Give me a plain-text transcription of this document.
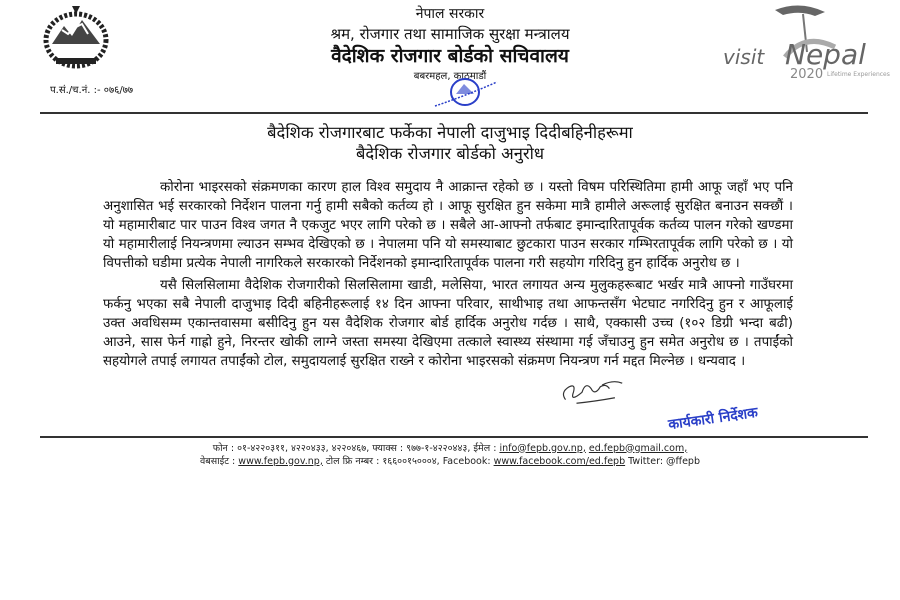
नेपाल सरकार
श्रम, रोजगार तथा सामाजिक सुरक्षा मन्त्रालय
वैदेशिक रोजगार बोर्डको सचिवालय
बबरमहल, काठमाडौं
प.सं./च.नं. :- ०७६/७७
visit Nepal
2020 Lifetime Experiences

बैदेशिक रोजगारबाट फर्केका नेपाली दाजुभाइ दिदीबहिनीहरूमा

बैदेशिक रोजगार बोर्डको अनुरोध

कोरोना भाइरसको संक्रमणका कारण हाल विश्व समुदाय नै आक्रान्त रहेको छ । यस्तो विषम परिस्थितिमा हामी आफू जहाँ भए पनि अनुशासित भई सरकारको निर्देशन पालना गर्नु हामी सबैको कर्तव्य हो । आफू सुरक्षित हुन सकेमा मात्रै हामीले अरूलाई सुरक्षित बनाउन सक्छौं । यो महामारीबाट पार पाउन विश्व जगत नै एकजुट भएर लागि परेको छ । सबैले आ-आफ्नो तर्फबाट इमान्दारितापूर्वक कर्तव्य पालन गरेको खण्डमा यो महामारीलाई नियन्त्रणमा ल्याउन सम्भव देखिएको छ । नेपालमा पनि यो समस्याबाट छुटकारा पाउन सरकार गम्भिरतापूर्वक लागि परेको छ । यो विपत्तीको घडीमा प्रत्येक नेपाली नागरिकले सरकारको निर्देशनको इमान्दारितापूर्वक पालना गरी सहयोग गरिदिनु हुन हार्दिक अनुरोध छ ।

यसै सिलसिलामा वैदेशिक रोजगारीको सिलसिलामा खाडी, मलेसिया, भारत लगायत अन्य मुलुकहरूबाट भर्खर मात्रै आफ्नो गाउँघरमा फर्कनु भएका सबै नेपाली दाजुभाइ दिदी बहिनीहरूलाई १४ दिन आफ्ना परिवार, साथीभाइ तथा आफन्तसँग भेटघाट नगरिदिनु हुन र आफूलाई उक्त अवधिसम्म एकान्तवासमा बसीदिनु हुन यस वैदेशिक रोजगार बोर्ड हार्दिक अनुरोध गर्दछ । साथै, एक्कासी उच्च (१०२ डिग्री भन्दा बढी) आउने, सास फेर्न गाह्रो हुने, निरन्तर खोकी लाग्ने जस्ता समस्या देखिएमा तत्काले स्वास्थ्य संस्थामा गई जँचाउनु हुन समेत अनुरोध छ । तपाईंको सहयोगले तपाई लगायत तपाईंको टोल, समुदायलाई सुरक्षित राख्ने र कोरोना भाइरसको संक्रमण नियन्त्रण गर्न मद्दत मिल्नेछ । धन्यवाद ।

कार्यकारी निर्देशक
फोन : ०१-४२२०३११, ४२२०४३३, ४२२०४६७, फ्याक्स : ९७७-१-४२२०४४३, ईमेल : info@fepb.gov.np, ed.fepb@gmail.com,
वेबसाईट : www.fepb.gov.np, टोल फ्रि नम्बर : १६६००१५०००४, Facebook: www.facebook.com/ed.fepb Twitter: @ffepb
